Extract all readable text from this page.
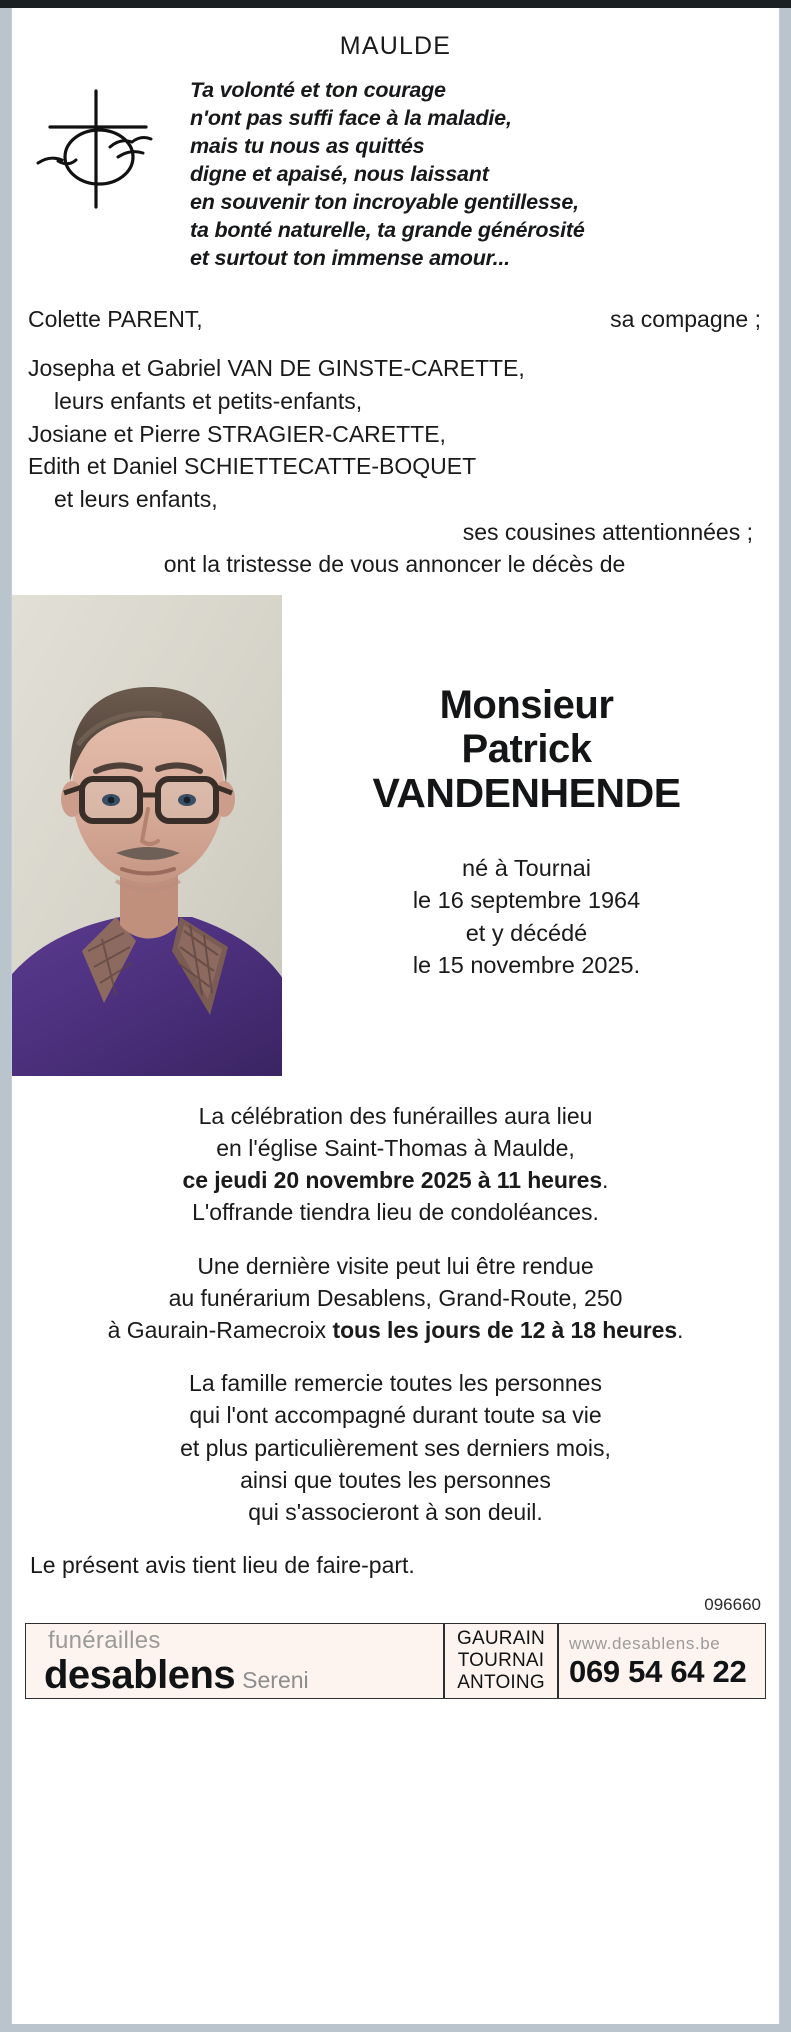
MAULDE
Ta volonté et ton courage
n'ont pas suffi face à la maladie,
mais tu nous as quittés
digne et apaisé, nous laissant
en souvenir ton incroyable gentillesse,
ta bonté naturelle, ta grande générosité
et surtout ton immense amour...
Colette PARENT,	sa compagne ;
Josepha et Gabriel VAN DE GINSTE-CARETTE,
leurs enfants et petits-enfants,
Josiane et Pierre STRAGIER-CARETTE,
Edith et Daniel SCHIETTECATTE-BOQUET
et leurs enfants,
ses cousines attentionnées ;
ont la tristesse de vous annoncer le décès de
Monsieur
Patrick
VANDENHENDE
né à Tournai
le 16 septembre 1964
et y décédé
le 15 novembre 2025.

La célébration des funérailles aura lieu

en l'église Saint-Thomas à Maulde,

ce jeudi 20 novembre 2025 à 11 heures.

L'offrande tiendra lieu de condoléances.

Une dernière visite peut lui être rendue

au funérarium Desablens, Grand-Route, 250

à Gaurain-Ramecroix tous les jours de 12 à 18 heures.

La famille remercie toutes les personnes

qui l'ont accompagné durant toute sa vie

et plus particulièrement ses derniers mois,

ainsi que toutes les personnes

qui s'associeront à son deuil.

Le présent avis tient lieu de faire-part.

096660
funérailles
desablens Sereni
GAURAIN
TOURNAI
ANTOING
www.desablens.be
069 54 64 22
